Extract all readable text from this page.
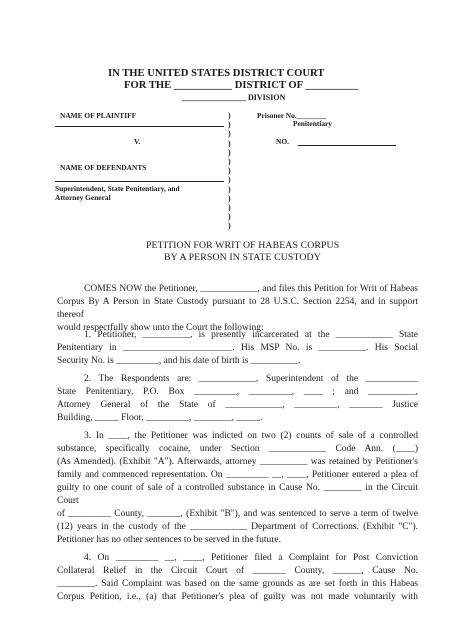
IN THE UNITED STATES DISTRICT COURT
FOR THE ___________ DISTRICT OF __________
________________ DIVISION
NAME OF PLAINTIFF
V.
NAME OF DEFENDANTS
Superintendent, State Penitentiary, and
Attorney General
)
)
)
)
)
)
)
)
)
)
)
)
)
Prisoner No.________
Penitentiary
NO.
PETITION FOR WRIT OF HABEAS CORPUS
BY A PERSON IN STATE CUSTODY
COMES NOW the Petitioner, ____________, and files this Petition for Writ of Habeas
Corpus By A Person in State Custody pursuant to 28 U.S.C. Section 2254, and in support thereof
would respectfully show unto the Court the following:
1. Petitioner, __________, is presently incarcerated at the ____________ State
Penitentiary in _______________________. His MSP No. is __________. His Social
Security No. is _________, and his date of birth is __________.
2. The Respondents are: ____________, Superintendent of the ___________
State Penitentiary, P.O. Box _________, _________, ____ ; and __________,
Attorney General of the State of ____________, _________, _______ Justice
Building, _____ Floor, _________, ________, _____.
3. In ____, the Petitioner was indicted on two (2) counts of sale of a controlled
substance, specifically cocaine, under Section ____________ Code Ann. (____)
(As Amended). (Exhibit "A"). Afterwards, attorney __________ was retained by Petitioner's
family and commenced representation. On _________ __, ____, Petitioner entered a plea of
guilty to one count of sale of a controlled substance in Cause No. ________ in the Circuit Court
of _________ County, _______, (Exhibit "B"), and was sentenced to serve a term of twelve
(12) years in the custody of the ____________ Department of Corrections. (Exhibit "C").
Petitioner has no other sentences to be served in the future.
4. On _________ __, ____, Petitioner filed a Complaint for Post Conviction
Collateral Relief in the Circuit Court of _______ County, ______, Cause No.
________. Said Complaint was based on the same grounds as are set forth in this Habeas
Corpus Petition, i.e., (a) that Petitioner's plea of guilty was not made voluntarily with
